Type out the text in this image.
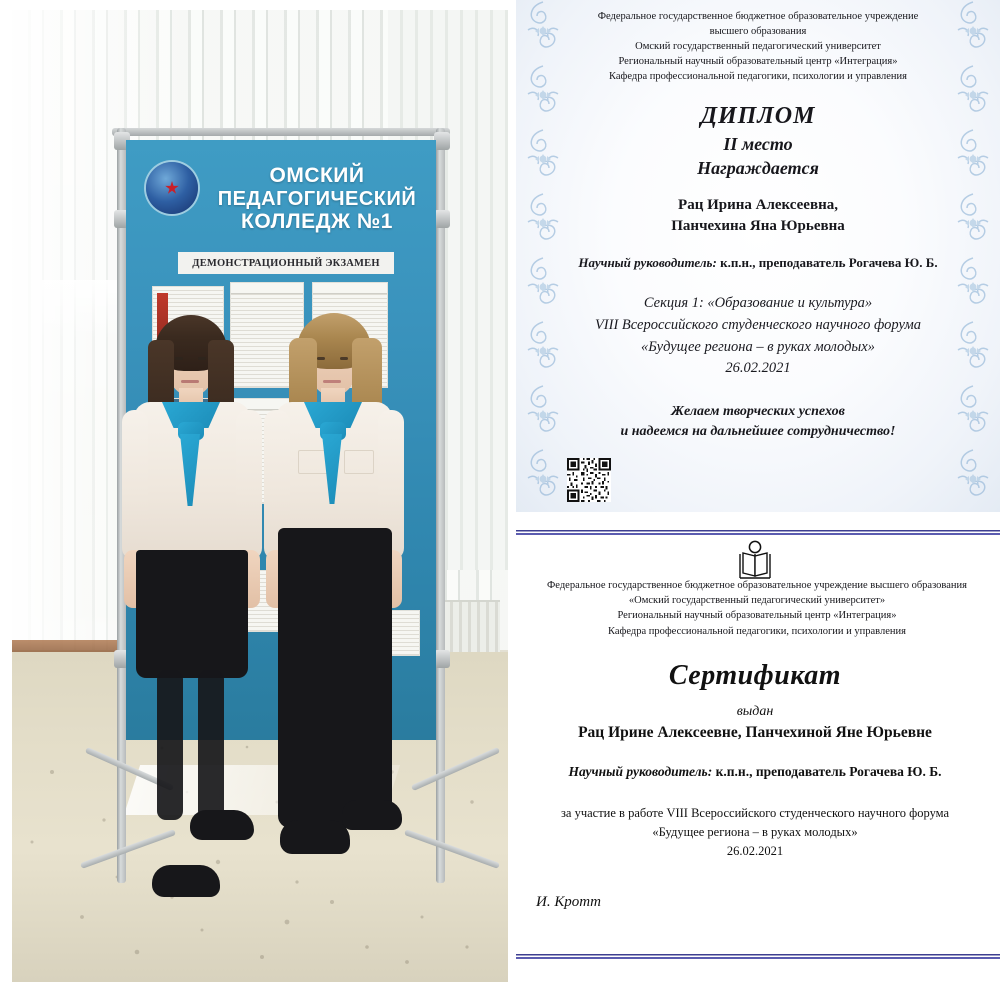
ОМСКИЙ
ПЕДАГОГИЧЕСКИЙ
КОЛЛЕДЖ №1
ДЕМОНСТРАЦИОННЫЙ ЭКЗАМЕН
Федеральное государственное бюджетное образовательное учреждение
высшего образования
Омский государственный педагогический университет
Региональный научный образовательный центр «Интеграция»
Кафедра профессиональной педагогики, психологии и управления
ДИПЛОМ
II место
Награждается
Рац Ирина Алексеевна,
Панчехина Яна Юрьевна
Научный руководитель: к.п.н., преподаватель Рогачева Ю. Б.
Секция 1: «Образование и культура»
VIII Всероссийского студенческого научного форума
«Будущее региона – в руках молодых»
26.02.2021
Желаем творческих успехов
и надеемся на дальнейшее сотрудничество!
Федеральное государственное бюджетное образовательное учреждение высшего образования
«Омский государственный педагогический университет»
Региональный научный образовательный центр «Интеграция»
Кафедра профессиональной педагогики, психологии и управления
Сертификат
выдан
Рац Ирине Алексеевне, Панчехиной Яне Юрьевне
Научный руководитель: к.п.н., преподаватель Рогачева Ю. Б.
за участие в работе VIII Всероссийского студенческого научного форума
«Будущее региона – в руках молодых»
26.02.2021
И. Кротт
